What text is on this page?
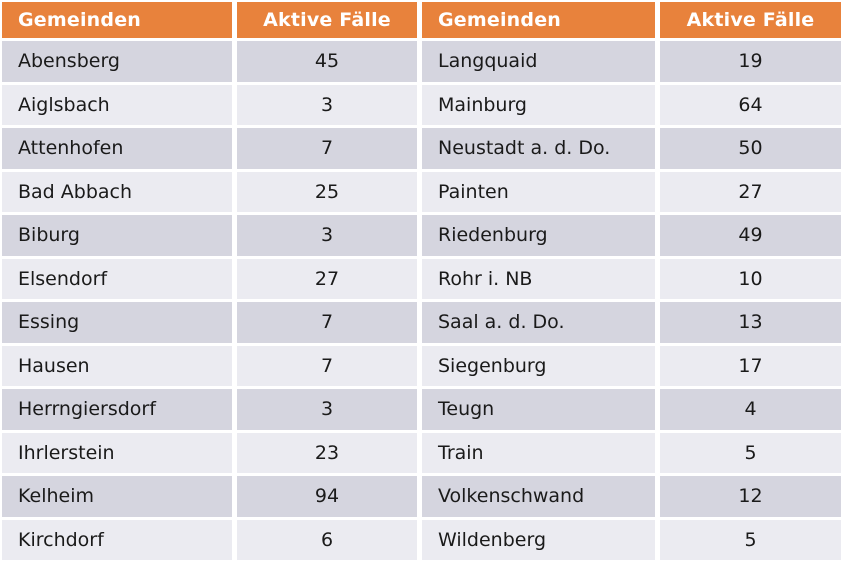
Gemeinden	Aktive Fälle	Gemeinden	Aktive Fälle
Abensberg	45	Langquaid	19
Aiglsbach	3	Mainburg	64
Attenhofen	7	Neustadt a. d. Do.	50
Bad Abbach	25	Painten	27
Biburg	3	Riedenburg	49
Elsendorf	27	Rohr i. NB	10
Essing	7	Saal a. d. Do.	13
Hausen	7	Siegenburg	17
Herrngiersdorf	3	Teugn	4
Ihrlerstein	23	Train	5
Kelheim	94	Volkenschwand	12
Kirchdorf	6	Wildenberg	5
